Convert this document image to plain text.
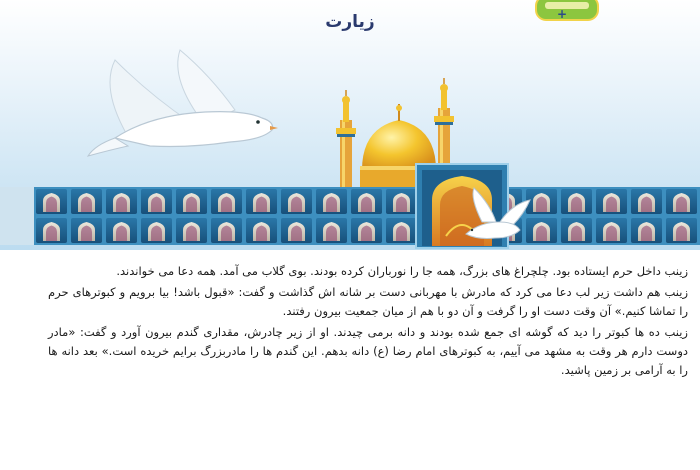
+
زیارت

زینب داخل حرم ایستاده بود. چلچراغ های بزرگ، همه جا را نورباران کرده بودند. بوی گلاب می آمد. همه دعا می خواندند.

زینب هم داشت زیر لب دعا می کرد که مادرش با مهربانی دست بر شانه اش گذاشت و گفت: «قبول باشد! بیا برویم و کبوترهای حرم را تماشا کنیم.» آن وقت دست او را گرفت و آن دو با هم از میان جمعیت بیرون رفتند.

زینب ده ها کبوتر را دید که گوشه ای جمع شده بودند و دانه برمی چیدند. او از زیر چادرش، مقداری گندم بیرون آورد و گفت: «مادر دوست دارم هر وقت به مشهد می آییم، به کبوترهای امام رضا (ع) دانه بدهم. این گندم ها را مادربزرگ برایم خریده است.» بعد دانه ها را به آرامی بر زمین پاشید.
